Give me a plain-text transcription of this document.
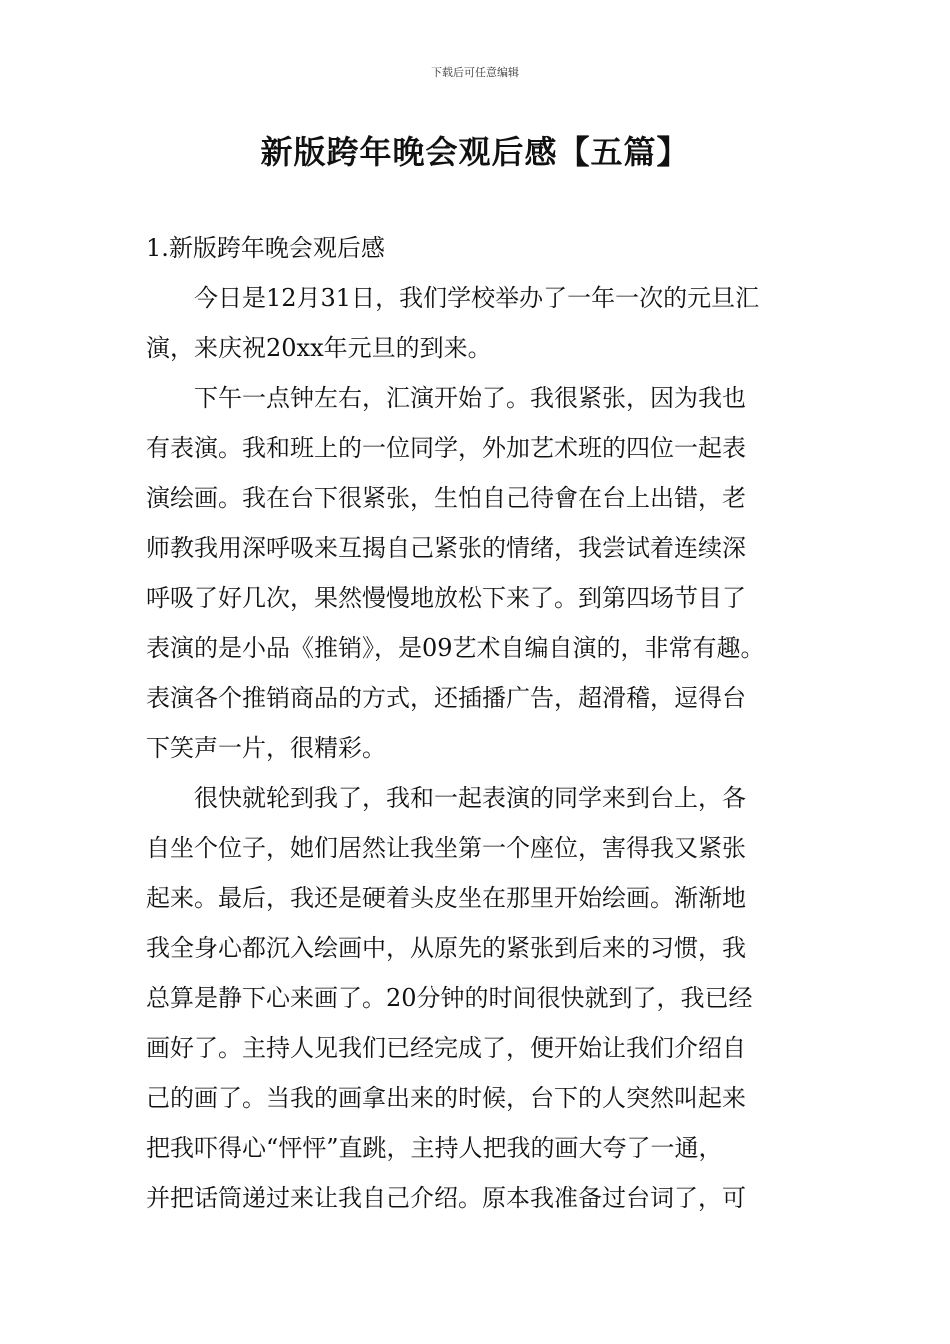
下载后可任意编辑
新版跨年晚会观后感【五篇】
1.新版跨年晚会观后感

今日是12月31日，我们学校举办了一年一次的元旦汇

演，来庆祝20xx年元旦的到来。

下午一点钟左右，汇演开始了。我很紧张，因为我也

有表演。我和班上的一位同学，外加艺术班的四位一起表

演绘画。我在台下很紧张，生怕自己待會在台上出错，老

师教我用深呼吸来互揭自己紧张的情绪，我尝试着连续深

呼吸了好几次，果然慢慢地放松下来了。到第四场节目了

表演的是小品《推销》，是09艺术自编自演的，非常有趣。

表演各个推销商品的方式，还插播广告，超滑稽，逗得台

下笑声一片，很精彩。

很快就轮到我了，我和一起表演的同学来到台上，各

自坐个位子，她们居然让我坐第一个座位，害得我又紧张

起来。最后，我还是硬着头皮坐在那里开始绘画。渐渐地

我全身心都沉入绘画中，从原先的紧张到后来的习惯，我

总算是静下心来画了。20分钟的时间很快就到了，我已经

画好了。主持人见我们已经完成了，便开始让我们介绍自

己的画了。当我的画拿出来的时候，台下的人突然叫起来

把我吓得心“怦怦”直跳，主持人把我的画大夸了一通，

并把话筒递过来让我自己介绍。原本我准备过台词了，可
